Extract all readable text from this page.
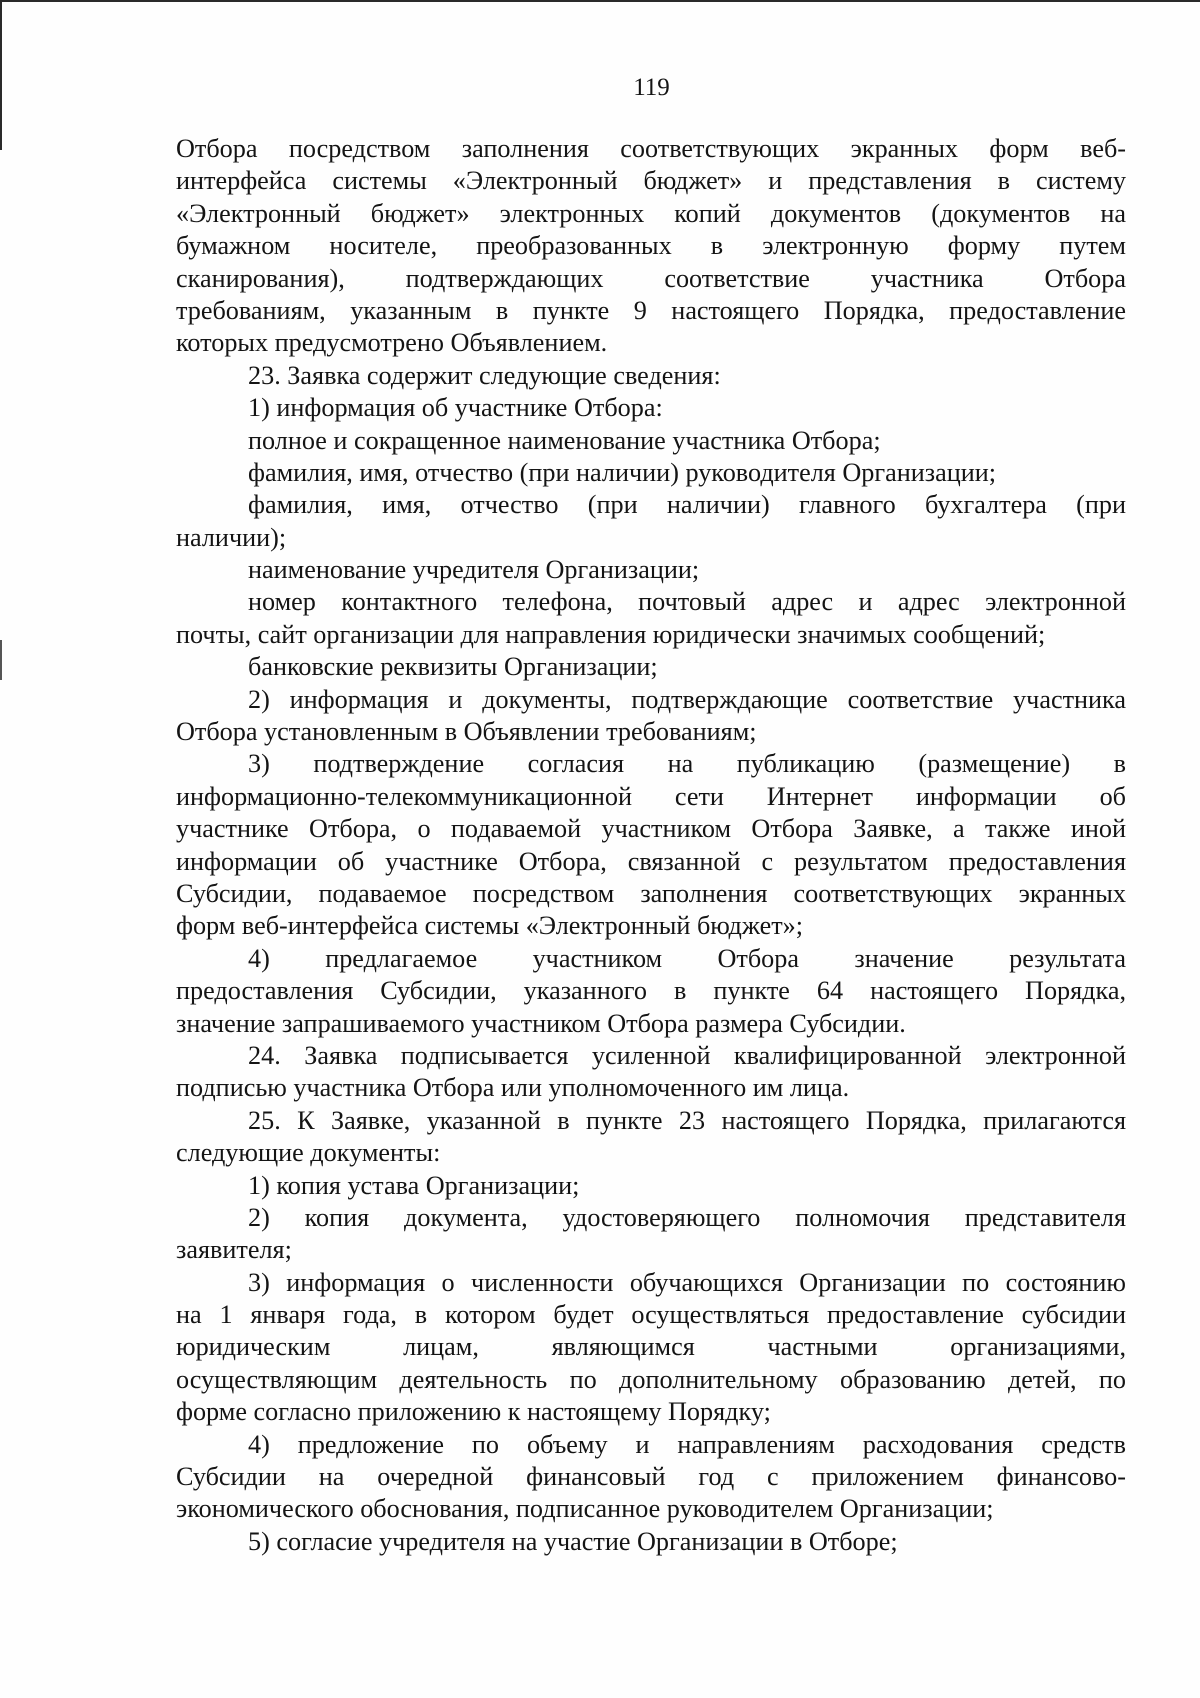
119
Отбора посредством заполнения соответствующих экранных форм веб-
интерфейса системы «Электронный бюджет» и представления в систему
«Электронный бюджет» электронных копий документов (документов на
бумажном носителе, преобразованных в электронную форму путем
сканирования), подтверждающих соответствие участника Отбора
требованиям, указанным в пункте 9 настоящего Порядка, предоставление
которых предусмотрено Объявлением.
23. Заявка содержит следующие сведения:
1) информация об участнике Отбора:
полное и сокращенное наименование участника Отбора;
фамилия, имя, отчество (при наличии) руководителя Организации;
фамилия, имя, отчество (при наличии) главного бухгалтера (при
наличии);
наименование учредителя Организации;
номер контактного телефона, почтовый адрес и адрес электронной
почты, сайт организации для направления юридически значимых сообщений;
банковские реквизиты Организации;
2) информация и документы, подтверждающие соответствие участника
Отбора установленным в Объявлении требованиям;
3) подтверждение согласия на публикацию (размещение) в
информационно-телекоммуникационной сети Интернет информации об
участнике Отбора, о подаваемой участником Отбора Заявке, а также иной
информации об участнике Отбора, связанной с результатом предоставления
Субсидии, подаваемое посредством заполнения соответствующих экранных
форм веб-интерфейса системы «Электронный бюджет»;
4) предлагаемое участником Отбора значение результата
предоставления Субсидии, указанного в пункте 64 настоящего Порядка,
значение запрашиваемого участником Отбора размера Субсидии.
24. Заявка подписывается усиленной квалифицированной электронной
подписью участника Отбора или уполномоченного им лица.
25. К Заявке, указанной в пункте 23 настоящего Порядка, прилагаются
следующие документы:
1) копия устава Организации;
2) копия документа, удостоверяющего полномочия представителя
заявителя;
3) информация о численности обучающихся Организации по состоянию
на 1 января года, в котором будет осуществляться предоставление субсидии
юридическим лицам, являющимся частными организациями,
осуществляющим деятельность по дополнительному образованию детей, по
форме согласно приложению к настоящему Порядку;
4) предложение по объему и направлениям расходования средств
Субсидии на очередной финансовый год с приложением финансово-
экономического обоснования, подписанное руководителем Организации;
5) согласие учредителя на участие Организации в Отборе;
